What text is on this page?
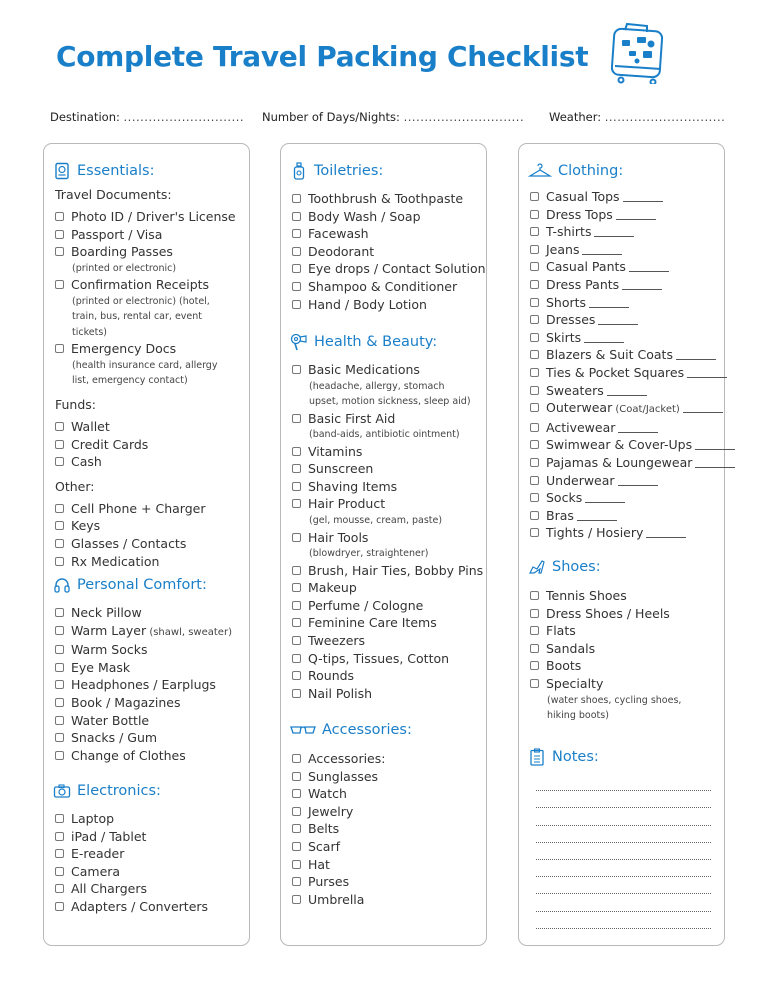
Complete Travel Packing Checklist
Destination: ............................. Number of Days/Nights: ............................. Weather: .............................
Essentials:
Travel Documents:
Photo ID / Driver's License
Passport / Visa
Boarding Passes
(printed or electronic)
Confirmation Receipts
(printed or electronic) (hotel, train, bus, rental car, event tickets)
Emergency Docs
(health insurance card, allergy list, emergency contact)
Funds:
Wallet
Credit Cards
Cash
Other:
Cell Phone + Charger
Keys
Glasses / Contacts
Rx Medication
Personal Comfort:
Neck Pillow
Warm Layer (shawl, sweater)
Warm Socks
Eye Mask
Headphones / Earplugs
Book / Magazines
Water Bottle
Snacks / Gum
Change of Clothes
Electronics:
Laptop
iPad / Tablet
E-reader
Camera
All Chargers
Adapters / Converters
Toiletries:
Toothbrush & Toothpaste
Body Wash / Soap
Facewash
Deodorant
Eye drops / Contact Solution
Shampoo & Conditioner
Hand / Body Lotion
Health & Beauty:
Basic Medications
(headache, allergy, stomach upset, motion sickness, sleep aid)
Basic First Aid
(band-aids, antibiotic ointment)
Vitamins
Sunscreen
Shaving Items
Hair Product
(gel, mousse, cream, paste)
Hair Tools
(blowdryer, straightener)
Brush, Hair Ties, Bobby Pins
Makeup
Perfume / Cologne
Feminine Care Items
Tweezers
Q-tips, Tissues, Cotton
Rounds
Nail Polish
Accessories:
Accessories:
Sunglasses
Watch
Jewelry
Belts
Scarf
Hat
Purses
Umbrella
Clothing:
Casual Tops
Dress Tops
T-shirts
Jeans
Casual Pants
Dress Pants
Shorts
Dresses
Skirts
Blazers & Suit Coats
Ties & Pocket Squares
Sweaters
Outerwear (Coat/Jacket)
Activewear
Swimwear & Cover-Ups
Pajamas & Loungewear
Underwear
Socks
Bras
Tights / Hosiery
Shoes:
Tennis Shoes
Dress Shoes / Heels
Flats
Sandals
Boots
Specialty
(water shoes, cycling shoes, hiking boots)
Notes:
